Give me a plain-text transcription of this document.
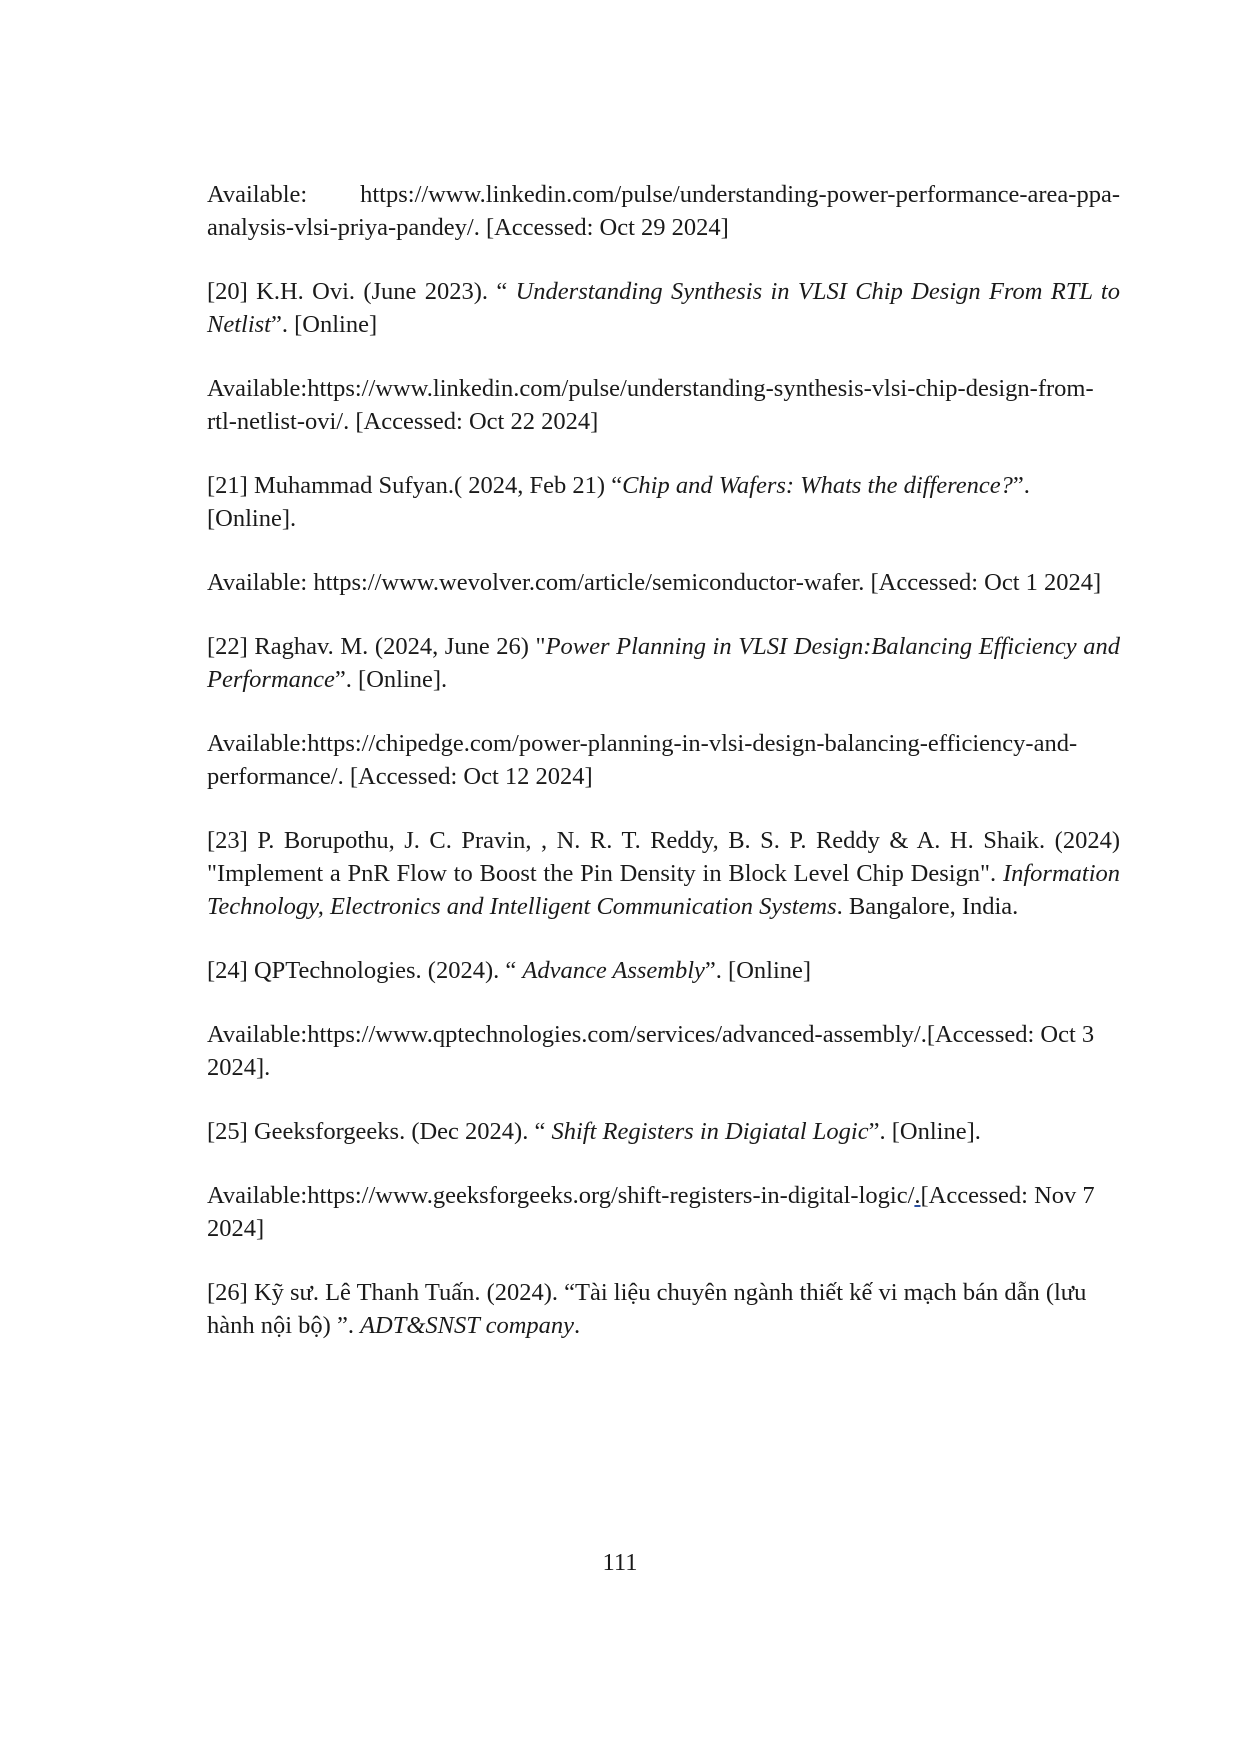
Available: https://www.linkedin.com/pulse/understanding-power-performance-area-ppa-analysis-vlsi-priya-pandey/. [Accessed: Oct 29 2024]

[20] K.H. Ovi. (June 2023). “ Understanding Synthesis in VLSI Chip Design From RTL to Netlist”. [Online]

Available:https://www.linkedin.com/pulse/understanding-synthesis-vlsi-chip-design-from-rtl-netlist-ovi/. [Accessed: Oct 22 2024]

[21] Muhammad Sufyan.( 2024, Feb 21) “Chip and Wafers: Whats the difference?”. [Online].

Available: https://www.wevolver.com/article/semiconductor-wafer. [Accessed: Oct 1 2024]

[22] Raghav. M. (2024, June 26) "Power Planning in VLSI Design:Balancing Efficiency and Performance”. [Online].

Available:https://chipedge.com/power-planning-in-vlsi-design-balancing-efficiency-and-performance/. [Accessed: Oct 12 2024]

[23] P. Borupothu, J. C. Pravin, , N. R. T. Reddy, B. S. P. Reddy & A. H. Shaik. (2024) "Implement a PnR Flow to Boost the Pin Density in Block Level Chip Design". Information Technology, Electronics and Intelligent Communication Systems. Bangalore, India.

[24] QPTechnologies. (2024). “ Advance Assembly”. [Online]

Available:https://www.qptechnologies.com/services/advanced-assembly/.[Accessed: Oct 3 2024].

[25] Geeksforgeeks. (Dec 2024). “ Shift Registers in Digiatal Logic”. [Online].

Available:https://www.geeksforgeeks.org/shift-registers-in-digital-logic/.[Accessed: Nov 7 2024]

[26] Kỹ sư. Lê Thanh Tuấn. (2024). “Tài liệu chuyên ngành thiết kế vi mạch bán dẫn (lưu hành nội bộ) ”. ADT&SNST company.

111
